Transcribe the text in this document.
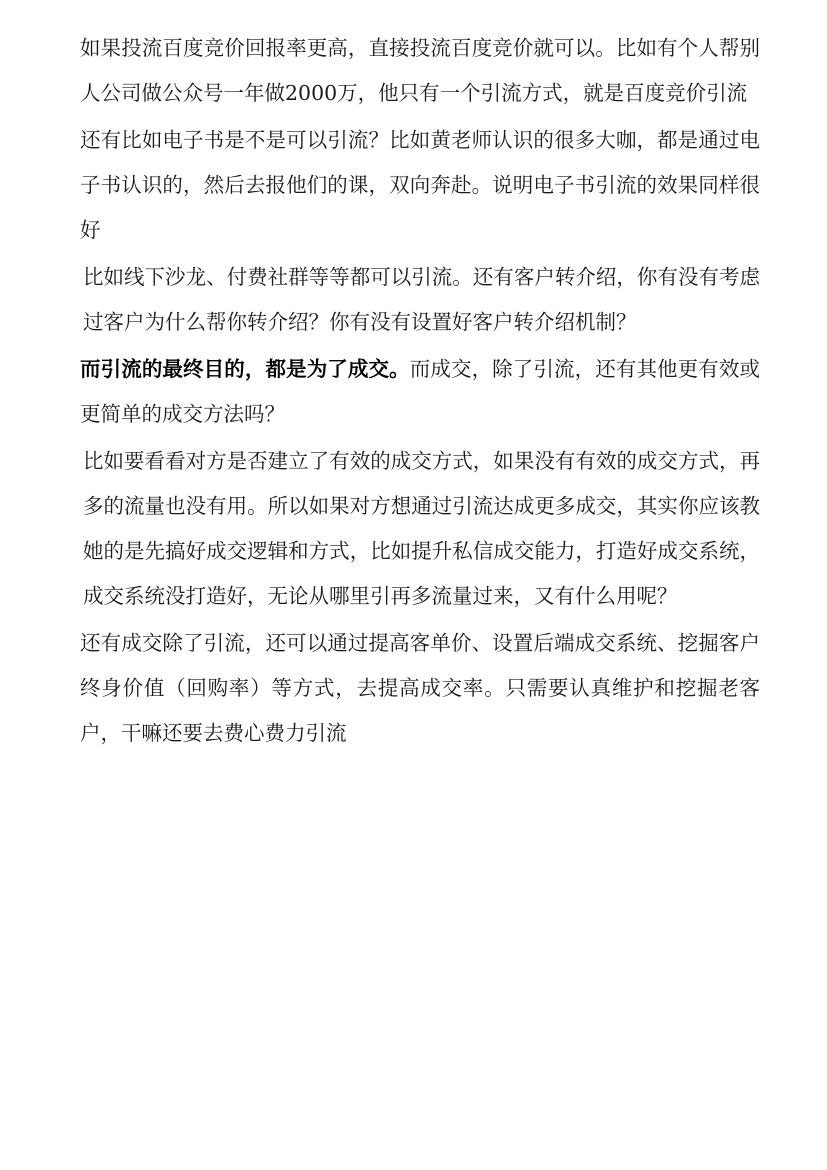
如果投流百度竞价回报率更高，直接投流百度竞价就可以。比如有个人帮别人公司做公众号一年做2000万，他只有一个引流方式，就是百度竞价引流

还有比如电子书是不是可以引流？比如黄老师认识的很多大咖，都是通过电子书认识的，然后去报他们的课，双向奔赴。说明电子书引流的效果同样很好

比如线下沙龙、付费社群等等都可以引流。还有客户转介绍，你有没有考虑过客户为什么帮你转介绍？你有没有设置好客户转介绍机制？

而引流的最终目的，都是为了成交。而成交，除了引流，还有其他更有效或更简单的成交方法吗？

比如要看看对方是否建立了有效的成交方式，如果没有有效的成交方式，再多的流量也没有用。所以如果对方想通过引流达成更多成交，其实你应该教她的是先搞好成交逻辑和方式，比如提升私信成交能力，打造好成交系统，成交系统没打造好，无论从哪里引再多流量过来，又有什么用呢？

还有成交除了引流，还可以通过提高客单价、设置后端成交系统、挖掘客户终身价值（回购率）等方式，去提高成交率。只需要认真维护和挖掘老客户，干嘛还要去费心费力引流
